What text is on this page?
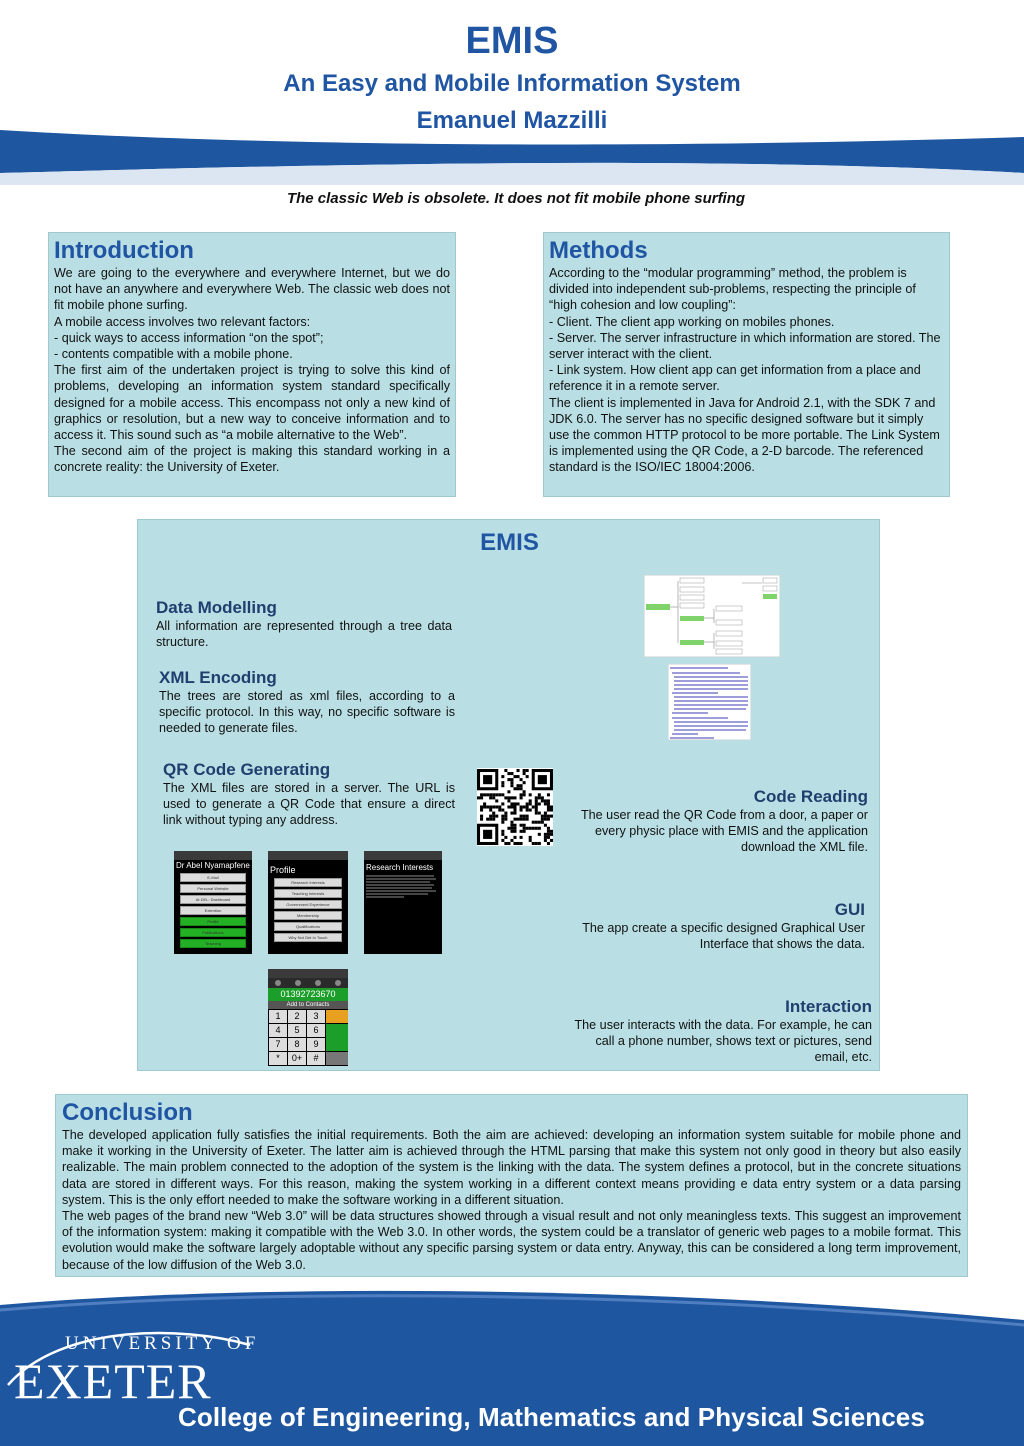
EMIS
An Easy and Mobile Information System
Emanuel Mazzilli
The classic Web is obsolete. It does not fit mobile phone surfing
Introduction

We are going to the everywhere and everywhere Internet, but we do not have an anywhere and everywhere Web. The classic web does not fit mobile phone surfing.

A mobile access involves two relevant factors:

- quick ways to access information “on the spot”;

- contents compatible with a mobile phone.

The first aim of the undertaken project is trying to solve this kind of problems, developing an information system standard specifically designed for a mobile access. This encompass not only a new kind of graphics or resolution, but a new way to conceive information and to access it. This sound such as “a mobile alternative to the Web”.

The second aim of the project is making this standard working in a concrete reality: the University of Exeter.

Methods

According to the “modular programming” method, the problem is divided into independent sub-problems, respecting the principle of “high cohesion and low coupling”:

- Client. The client app working on mobiles phones.

- Server. The server infrastructure in which information are stored. The server interact with the client.

- Link system. How client app can get information from a place and reference it in a remote server.

The client is implemented in Java for Android 2.1, with the SDK 7 and JDK 6.0. The server has no specific designed software but it simply use the common HTTP protocol to be more portable. The Link System is implemented using the QR Code, a 2-D barcode. The referenced standard is the ISO/IEC 18004:2006.

EMIS
Data Modelling

All information are represented through a tree data structure.

XML Encoding

The trees are stored as xml files, according to a specific protocol. In this way, no specific software is needed to generate files.

QR Code Generating

The XML files are stored in a server. The URL is used to generate a QR Code that ensure a direct link without typing any address.

Code Reading

The user read the QR Code from a door, a paper or every physic place with EMIS and the application download the XML file.

Dr Abel Nyamapfene
E-Mail
Personal Website
At DEL: Dashboard
Extention
Profile
Publications
Teaching
Profile
Research Interests
Teaching Interests
Government Experience
Membership
Qualifications
Why Not Get In Touch
Research Interests
GUI

The app create a specific designed Graphical User Interface that shows the data.

01392723670
Add to Contacts
1	2	3
4	5	6
7	8	9
*	0+	#
Interaction

The user interacts with the data. For example, he can call a phone number, shows text or pictures, send email, etc.

Conclusion

The developed application fully satisfies the initial requirements. Both the aim are achieved: developing an information system suitable for mobile phone and make it working in the University of Exeter. The latter aim is achieved through the HTML parsing that make this system not only good in theory but also easily realizable. The main problem connected to the adoption of the system is the linking with the data. The system defines a protocol, but in the concrete situations data are stored in different ways. For this reason, making the system working in a different context means providing e data entry system or a data parsing system. This is the only effort needed to make the software working in a different situation.

The web pages of the brand new “Web 3.0” will be data structures showed through a visual result and not only meaningless texts. This suggest an improvement of the information system: making it compatible with the Web 3.0. In other words, the system could be a translator of generic web pages to a mobile format. This evolution would make the software largely adoptable without any specific parsing system or data entry. Anyway, this can be considered a long term improvement, because of the low diffusion of the Web 3.0.

UNIVERSITY OF
EXETER
College of Engineering, Mathematics and Physical Sciences
